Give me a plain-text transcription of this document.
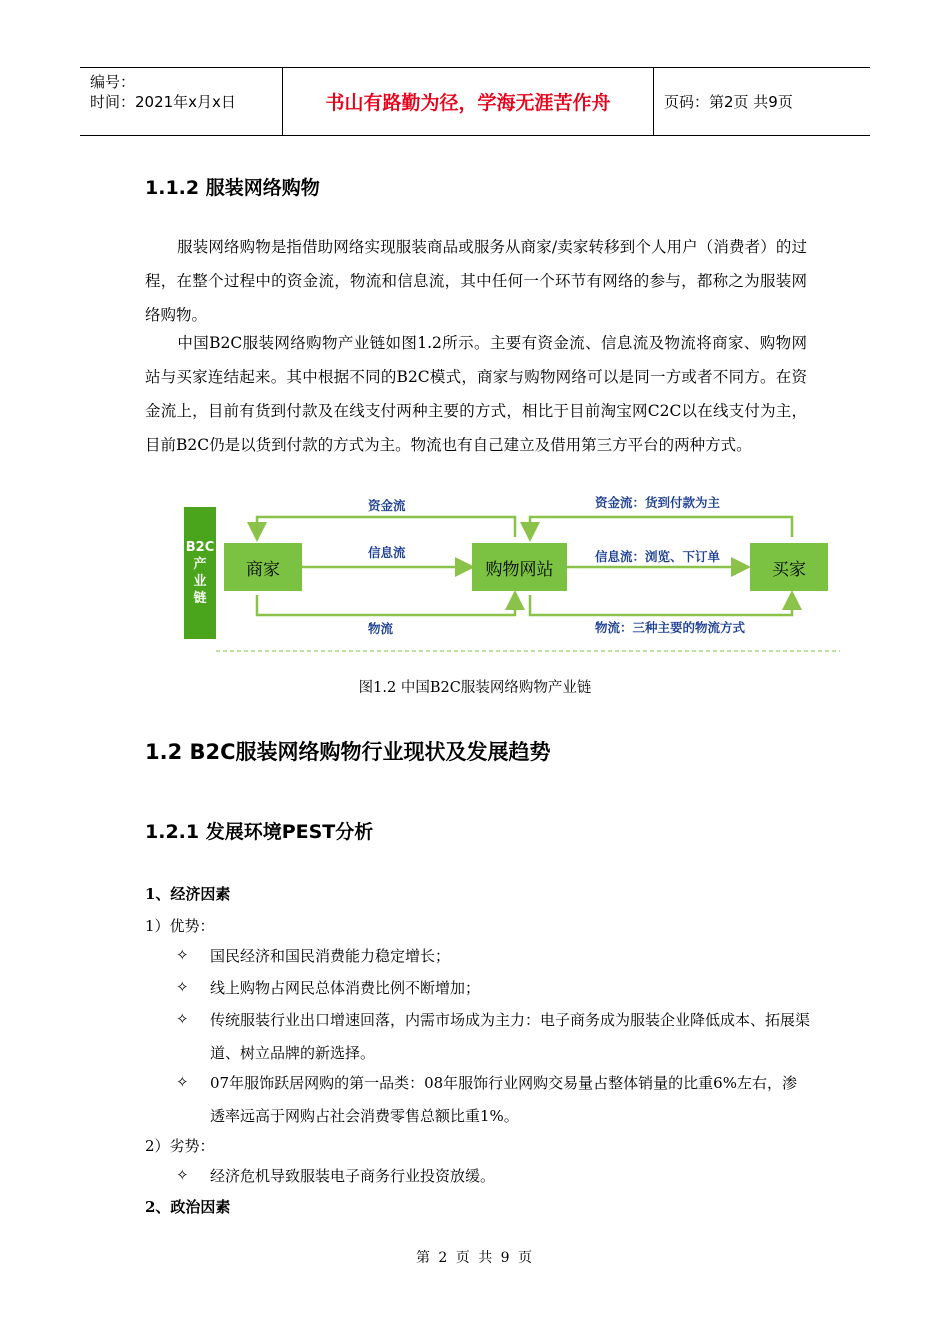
编号：
时间：2021年x月x日	书山有路勤为径，学海无涯苦作舟	页码：第2页 共9页
1.1.2 服装网络购物
服装网络购物是指借助网络实现服装商品或服务从商家/卖家转移到个人用户（消费者）的过程，在整个过程中的资金流，物流和信息流，其中任何一个环节有网络的参与，都称之为服装网络购物。
中国B2C服装网络购物产业链如图1.2所示。主要有资金流、信息流及物流将商家、购物网站与买家连结起来。其中根据不同的B2C模式，商家与购物网络可以是同一方或者不同方。在资金流上，目前有货到付款及在线支付两种主要的方式，相比于目前淘宝网C2C以在线支付为主，目前B2C仍是以货到付款的方式为主。物流也有自己建立及借用第三方平台的两种方式。
B2C
产
业
链
商家	购物网站	买家
资金流
信息流
物流
资金流：货到付款为主
信息流：浏览、下订单
物流：三种主要的物流方式
图1.2 中国B2C服装网络购物产业链
1.2 B2C服装网络购物行业现状及发展趋势
1.2.1 发展环境PEST分析
1、经济因素
1）优势：
✧ 国民经济和国民消费能力稳定增长；
✧ 线上购物占网民总体消费比例不断增加；
✧ 传统服装行业出口增速回落，内需市场成为主力：电子商务成为服装企业降低成本、拓展渠道、树立品牌的新选择。
✧ 07年服饰跃居网购的第一品类：08年服饰行业网购交易量占整体销量的比重6%左右，渗透率远高于网购占社会消费零售总额比重1%。
2）劣势：
✧ 经济危机导致服装电子商务行业投资放缓。
2、政治因素
第 2 页 共 9 页
